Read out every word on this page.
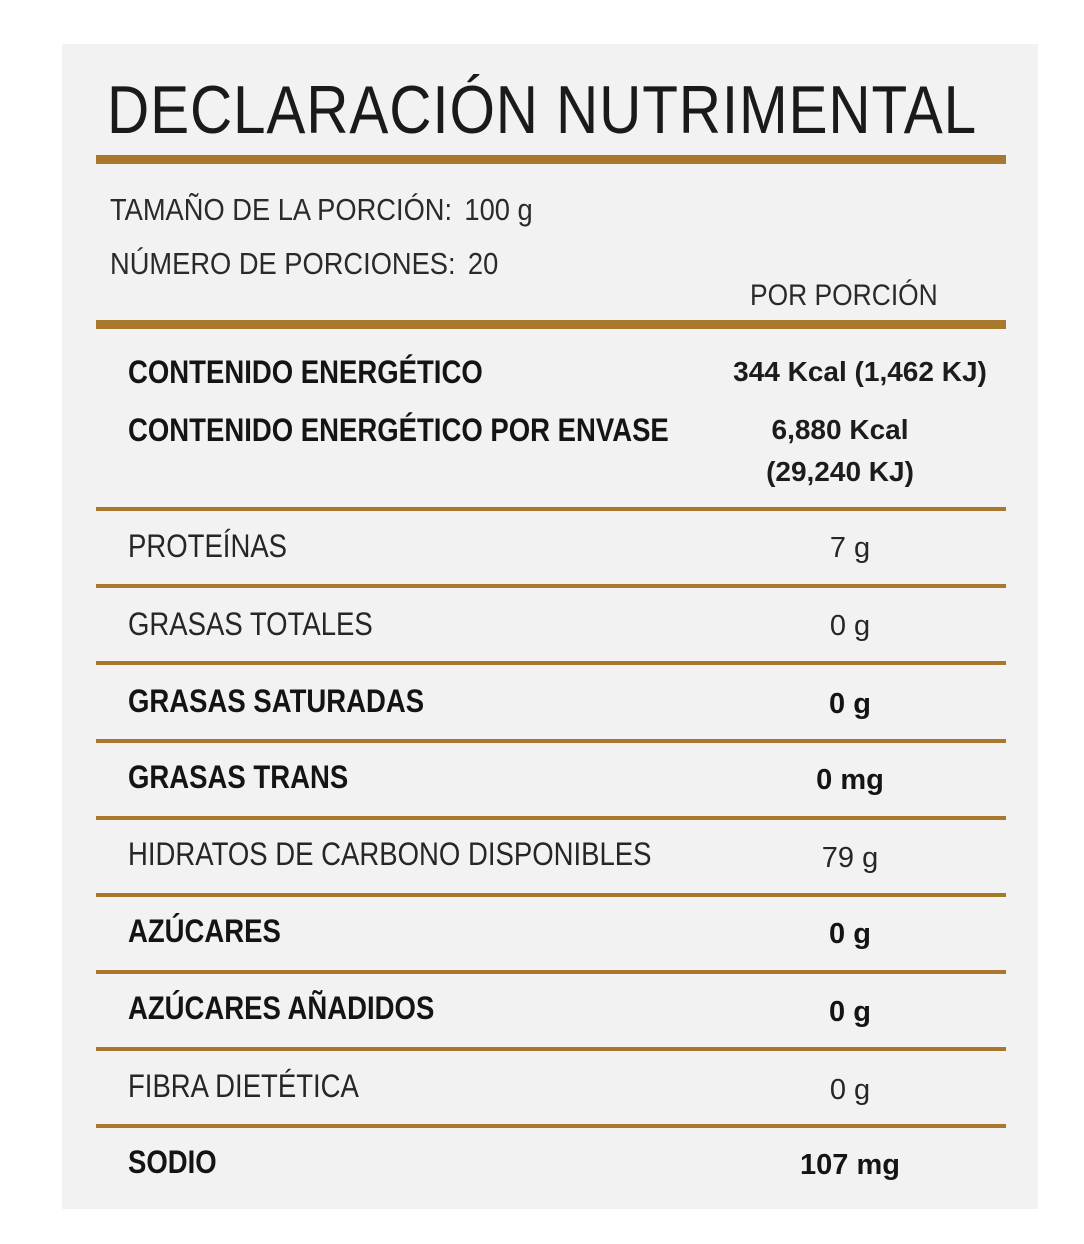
DECLARACIÓN NUTRIMENTAL
TAMAÑO DE LA PORCIÓN: 100 g
NÚMERO DE PORCIONES: 20
POR PORCIÓN
CONTENIDO ENERGÉTICO	344 Kcal (1,462 KJ)
CONTENIDO ENERGÉTICO POR ENVASE	6,880 Kcal
(29,240 KJ)
PROTEÍNAS	7 g
GRASAS TOTALES	0 g
GRASAS SATURADAS	0 g
GRASAS TRANS	0 mg
HIDRATOS DE CARBONO DISPONIBLES	79 g
AZÚCARES	0 g
AZÚCARES AÑADIDOS	0 g
FIBRA DIETÉTICA	0 g
SODIO	107 mg
